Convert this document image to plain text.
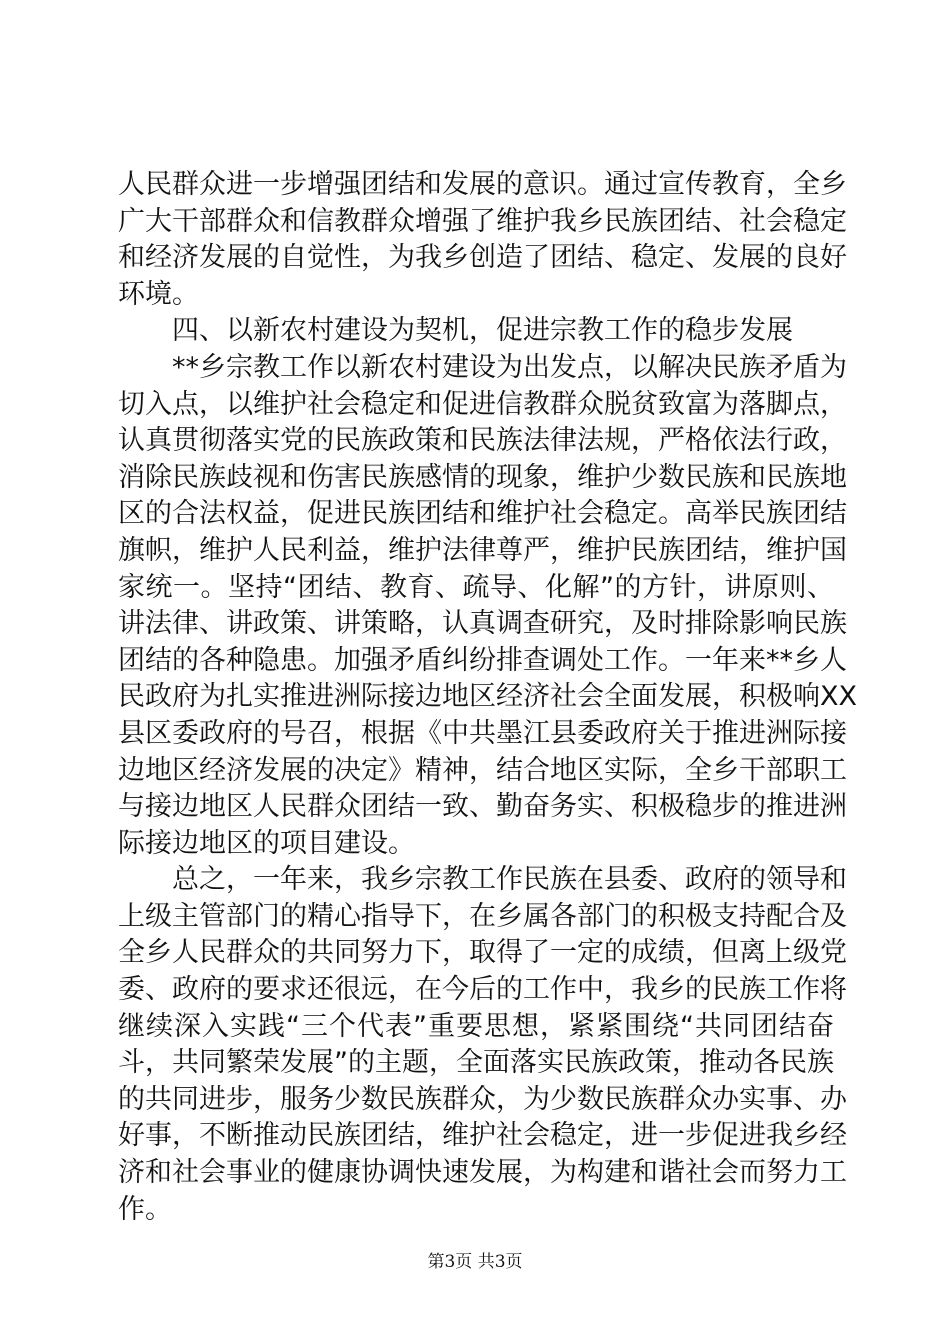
人民群众进一步增强团结和发展的意识。通过宣传教育，全乡
广大干部群众和信教群众增强了维护我乡民族团结、社会稳定
和经济发展的自觉性，为我乡创造了团结、稳定、发展的良好
环境。
　　四、以新农村建设为契机，促进宗教工作的稳步发展
　　**乡宗教工作以新农村建设为出发点，以解决民族矛盾为
切入点，以维护社会稳定和促进信教群众脱贫致富为落脚点，
认真贯彻落实党的民族政策和民族法律法规，严格依法行政，
消除民族歧视和伤害民族感情的现象，维护少数民族和民族地
区的合法权益，促进民族团结和维护社会稳定。高举民族团结
旗帜，维护人民利益，维护法律尊严，维护民族团结，维护国
家统一。坚持“团结、教育、疏导、化解”的方针，讲原则、
讲法律、讲政策、讲策略，认真调查研究，及时排除影响民族
团结的各种隐患。加强矛盾纠纷排查调处工作。一年来**乡人
民政府为扎实推进洲际接边地区经济社会全面发展，积极响XX
县区委政府的号召，根据《中共墨江县委政府关于推进洲际接
边地区经济发展的决定》精神，结合地区实际，全乡干部职工
与接边地区人民群众团结一致、勤奋务实、积极稳步的推进洲
际接边地区的项目建设。
　　总之，一年来，我乡宗教工作民族在县委、政府的领导和
上级主管部门的精心指导下，在乡属各部门的积极支持配合及
全乡人民群众的共同努力下，取得了一定的成绩，但离上级党
委、政府的要求还很远，在今后的工作中，我乡的民族工作将
继续深入实践“三个代表”重要思想，紧紧围绕“共同团结奋
斗，共同繁荣发展”的主题，全面落实民族政策，推动各民族
的共同进步，服务少数民族群众，为少数民族群众办实事、办
好事，不断推动民族团结，维护社会稳定，进一步促进我乡经
济和社会事业的健康协调快速发展，为构建和谐社会而努力工
作。
第3页 共3页
